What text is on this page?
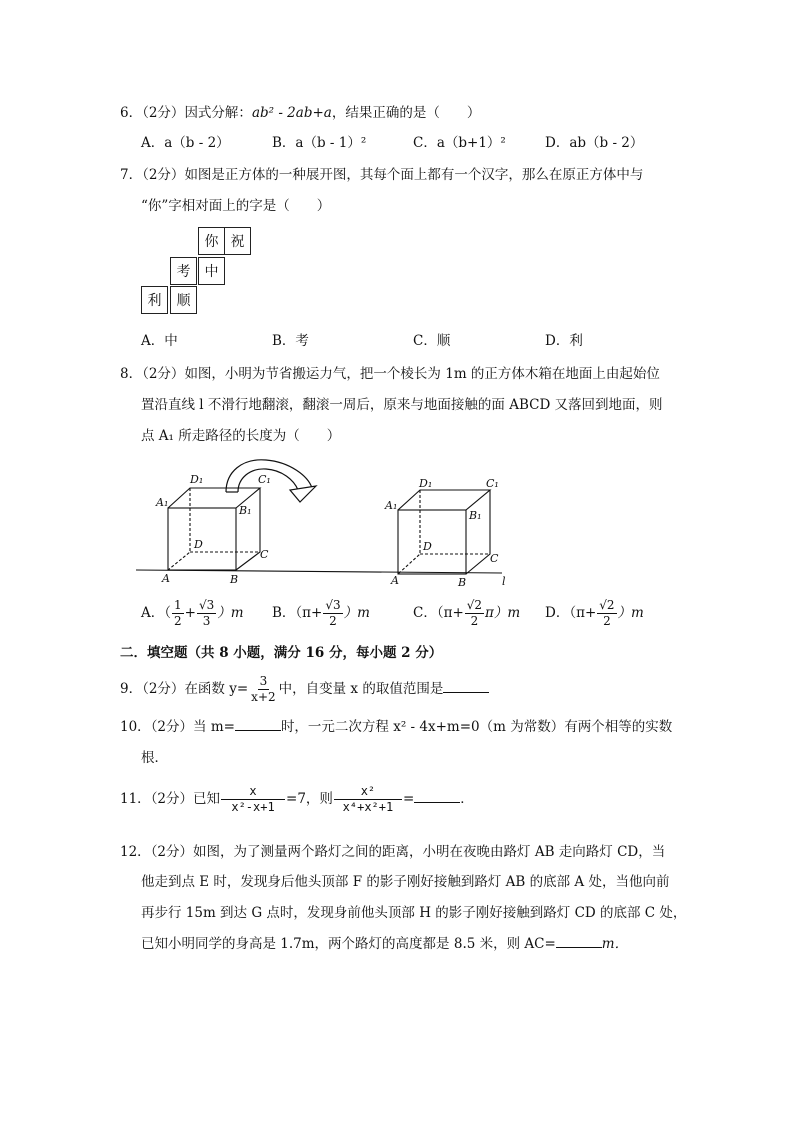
6．（2分）因式分解：ab² - 2ab+a，结果正确的是（　　）
A．a（b - 2）	B．a（b - 1）²	C．a（b+1）²	D．ab（b - 2）
7．（2分）如图是正方体的一种展开图，其每个面上都有一个汉字，那么在原正方体中与
“你”字相对面上的字是（　　）
你 祝
考	中
利	顺
A．中	B．考	C．顺	D．利
8．（2分）如图，小明为节省搬运力气，把一个棱长为 1m 的正方体木箱在地面上由起始位
置沿直线 l 不滑行地翻滚，翻滚一周后，原来与地面接触的面 ABCD 又落回到地面，则
点 A₁ 所走路径的长度为（　　）
D₁	C₁
A₁
B₁
D
C
A	B
D₁	C₁
A₁
B₁
D
C
A	B	l
A．（ $\frac{1}{2} + \frac{√3}{3} )m$ B．$(\pi+ \frac{√3}{2} )m$	C．$(\pi+ \frac{√2}{2} \pi)m$ D．$(\pi+ \frac{√2}{2} )m$
二．填空题（共 8 小题，满分 16 分，每小题 2 分）
9．（2分）在函数 $y= \frac{3}{x+2}$ 中，自变量 x 的取值范围是
10．（2分）当 m=	时，一元二次方程 x² - 4x+m=0（m 为常数）有两个相等的实数
根．
11．（2分）已知 $\frac{x}{\text{x²-x+1}} =7$，则 $\frac{\text{x²}}{\text{x⁴+x²+1}}$ =	．
12．（2分）如图，为了测量两个路灯之间的距离，小明在夜晚由路灯 AB 走向路灯 CD，当
他走到点 E 时，发现身后他头顶部 F 的影子刚好接触到路灯 AB 的底部 A 处，当他向前
再步行 15m 到达 G 点时，发现身前他头顶部 H 的影子刚好接触到路灯 CD 的底部 C 处，
已知小明同学的身高是 1.7m，两个路灯的高度都是 8.5 米，则 AC=	m．
